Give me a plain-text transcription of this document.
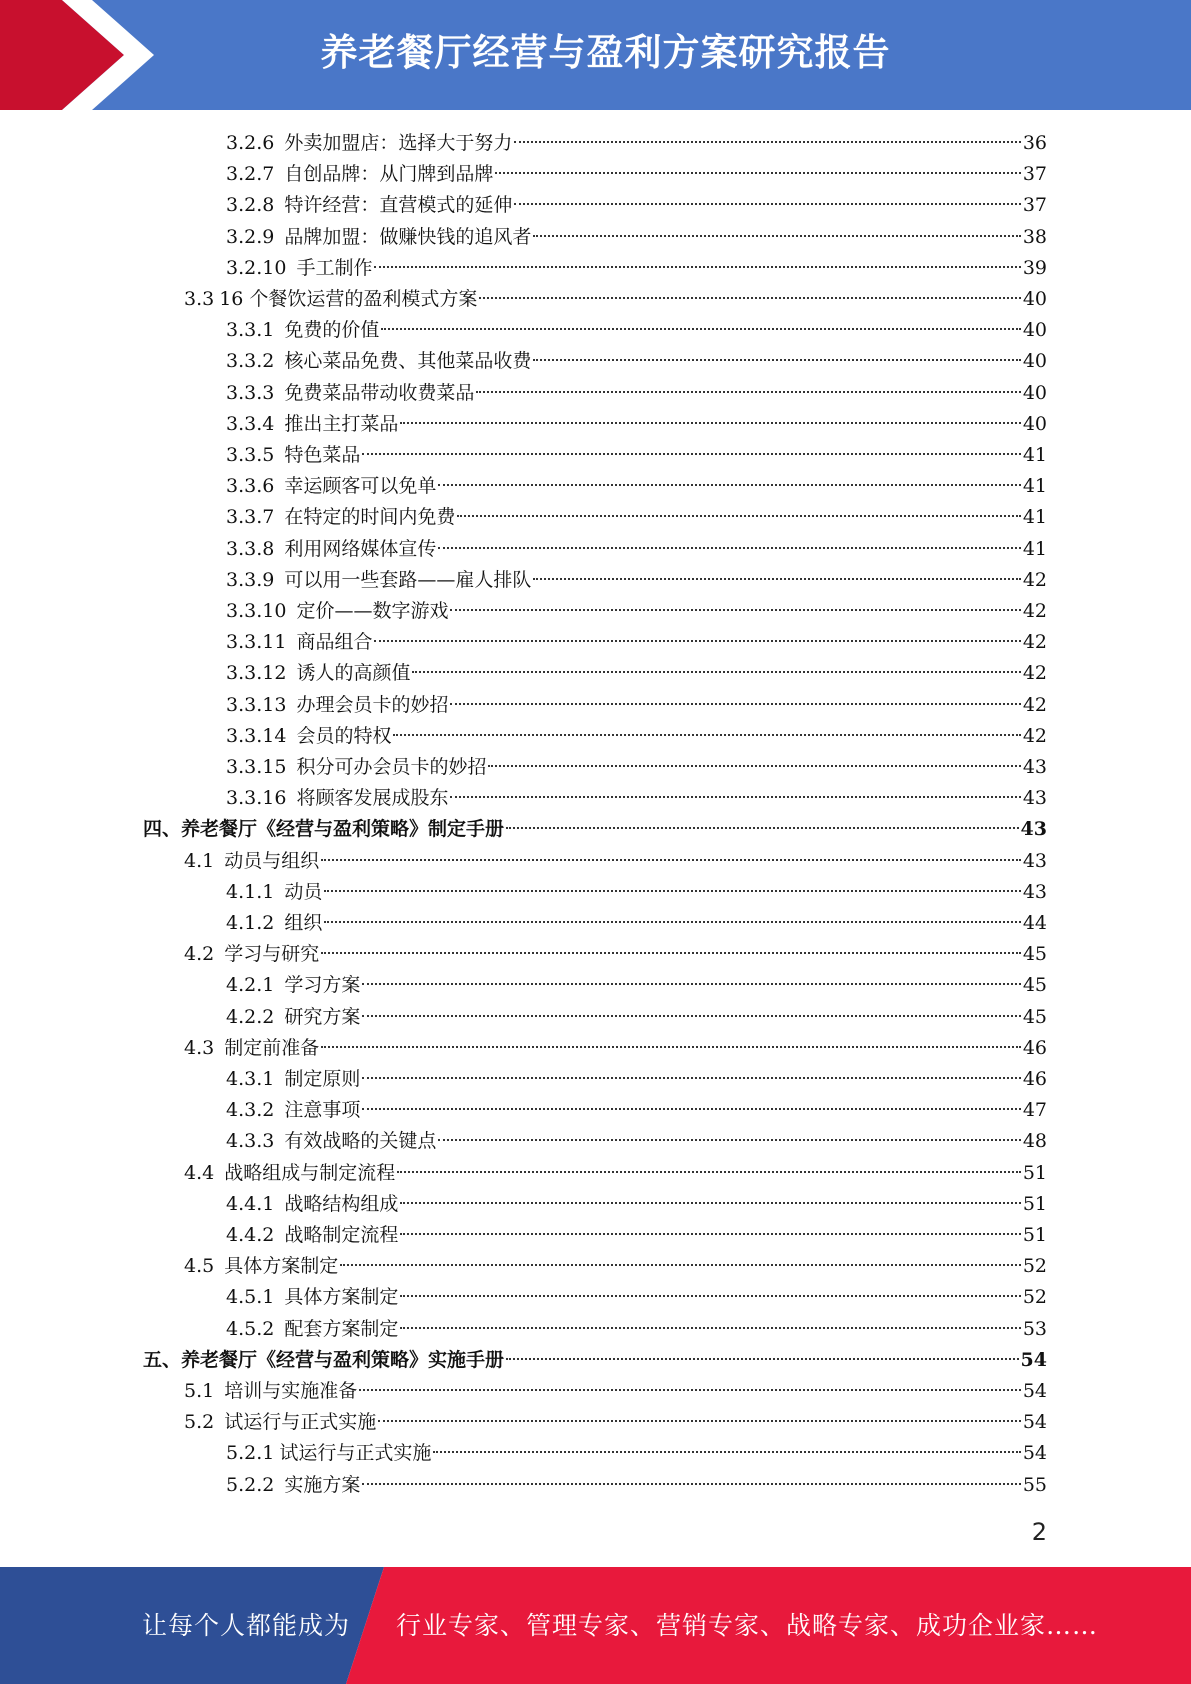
养老餐厅经营与盈利方案研究报告
3.2.6 外卖加盟店：选择大于努力	36
3.2.7 自创品牌：从门牌到品牌	37
3.2.8 特许经营：直营模式的延伸	37
3.2.9 品牌加盟：做赚快钱的追风者	38
3.2.10 手工制作	39
3.3 16 个餐饮运营的盈利模式方案	40
3.3.1 免费的价值	40
3.3.2 核心菜品免费、其他菜品收费	40
3.3.3 免费菜品带动收费菜品	40
3.3.4 推出主打菜品	40
3.3.5 特色菜品	41
3.3.6 幸运顾客可以免单	41
3.3.7 在特定的时间内免费	41
3.3.8 利用网络媒体宣传	41
3.3.9 可以用一些套路——雇人排队	42
3.3.10 定价——数字游戏	42
3.3.11 商品组合	42
3.3.12 诱人的高颜值	42
3.3.13 办理会员卡的妙招	42
3.3.14 会员的特权	42
3.3.15 积分可办会员卡的妙招	43
3.3.16 将顾客发展成股东	43
四、养老餐厅《经营与盈利策略》制定手册	43
4.1 动员与组织	43
4.1.1 动员	43
4.1.2 组织	44
4.2 学习与研究	45
4.2.1 学习方案	45
4.2.2 研究方案	45
4.3 制定前准备	46
4.3.1 制定原则	46
4.3.2 注意事项	47
4.3.3 有效战略的关键点	48
4.4 战略组成与制定流程	51
4.4.1 战略结构组成	51
4.4.2 战略制定流程	51
4.5 具体方案制定	52
4.5.1 具体方案制定	52
4.5.2 配套方案制定	53
五、养老餐厅《经营与盈利策略》实施手册	54
5.1 培训与实施准备	54
5.2 试运行与正式实施	54
5.2.1 试运行与正式实施	54
5.2.2 实施方案	55
2
让每个人都能成为 行业专家、管理专家、营销专家、战略专家、成功企业家……
